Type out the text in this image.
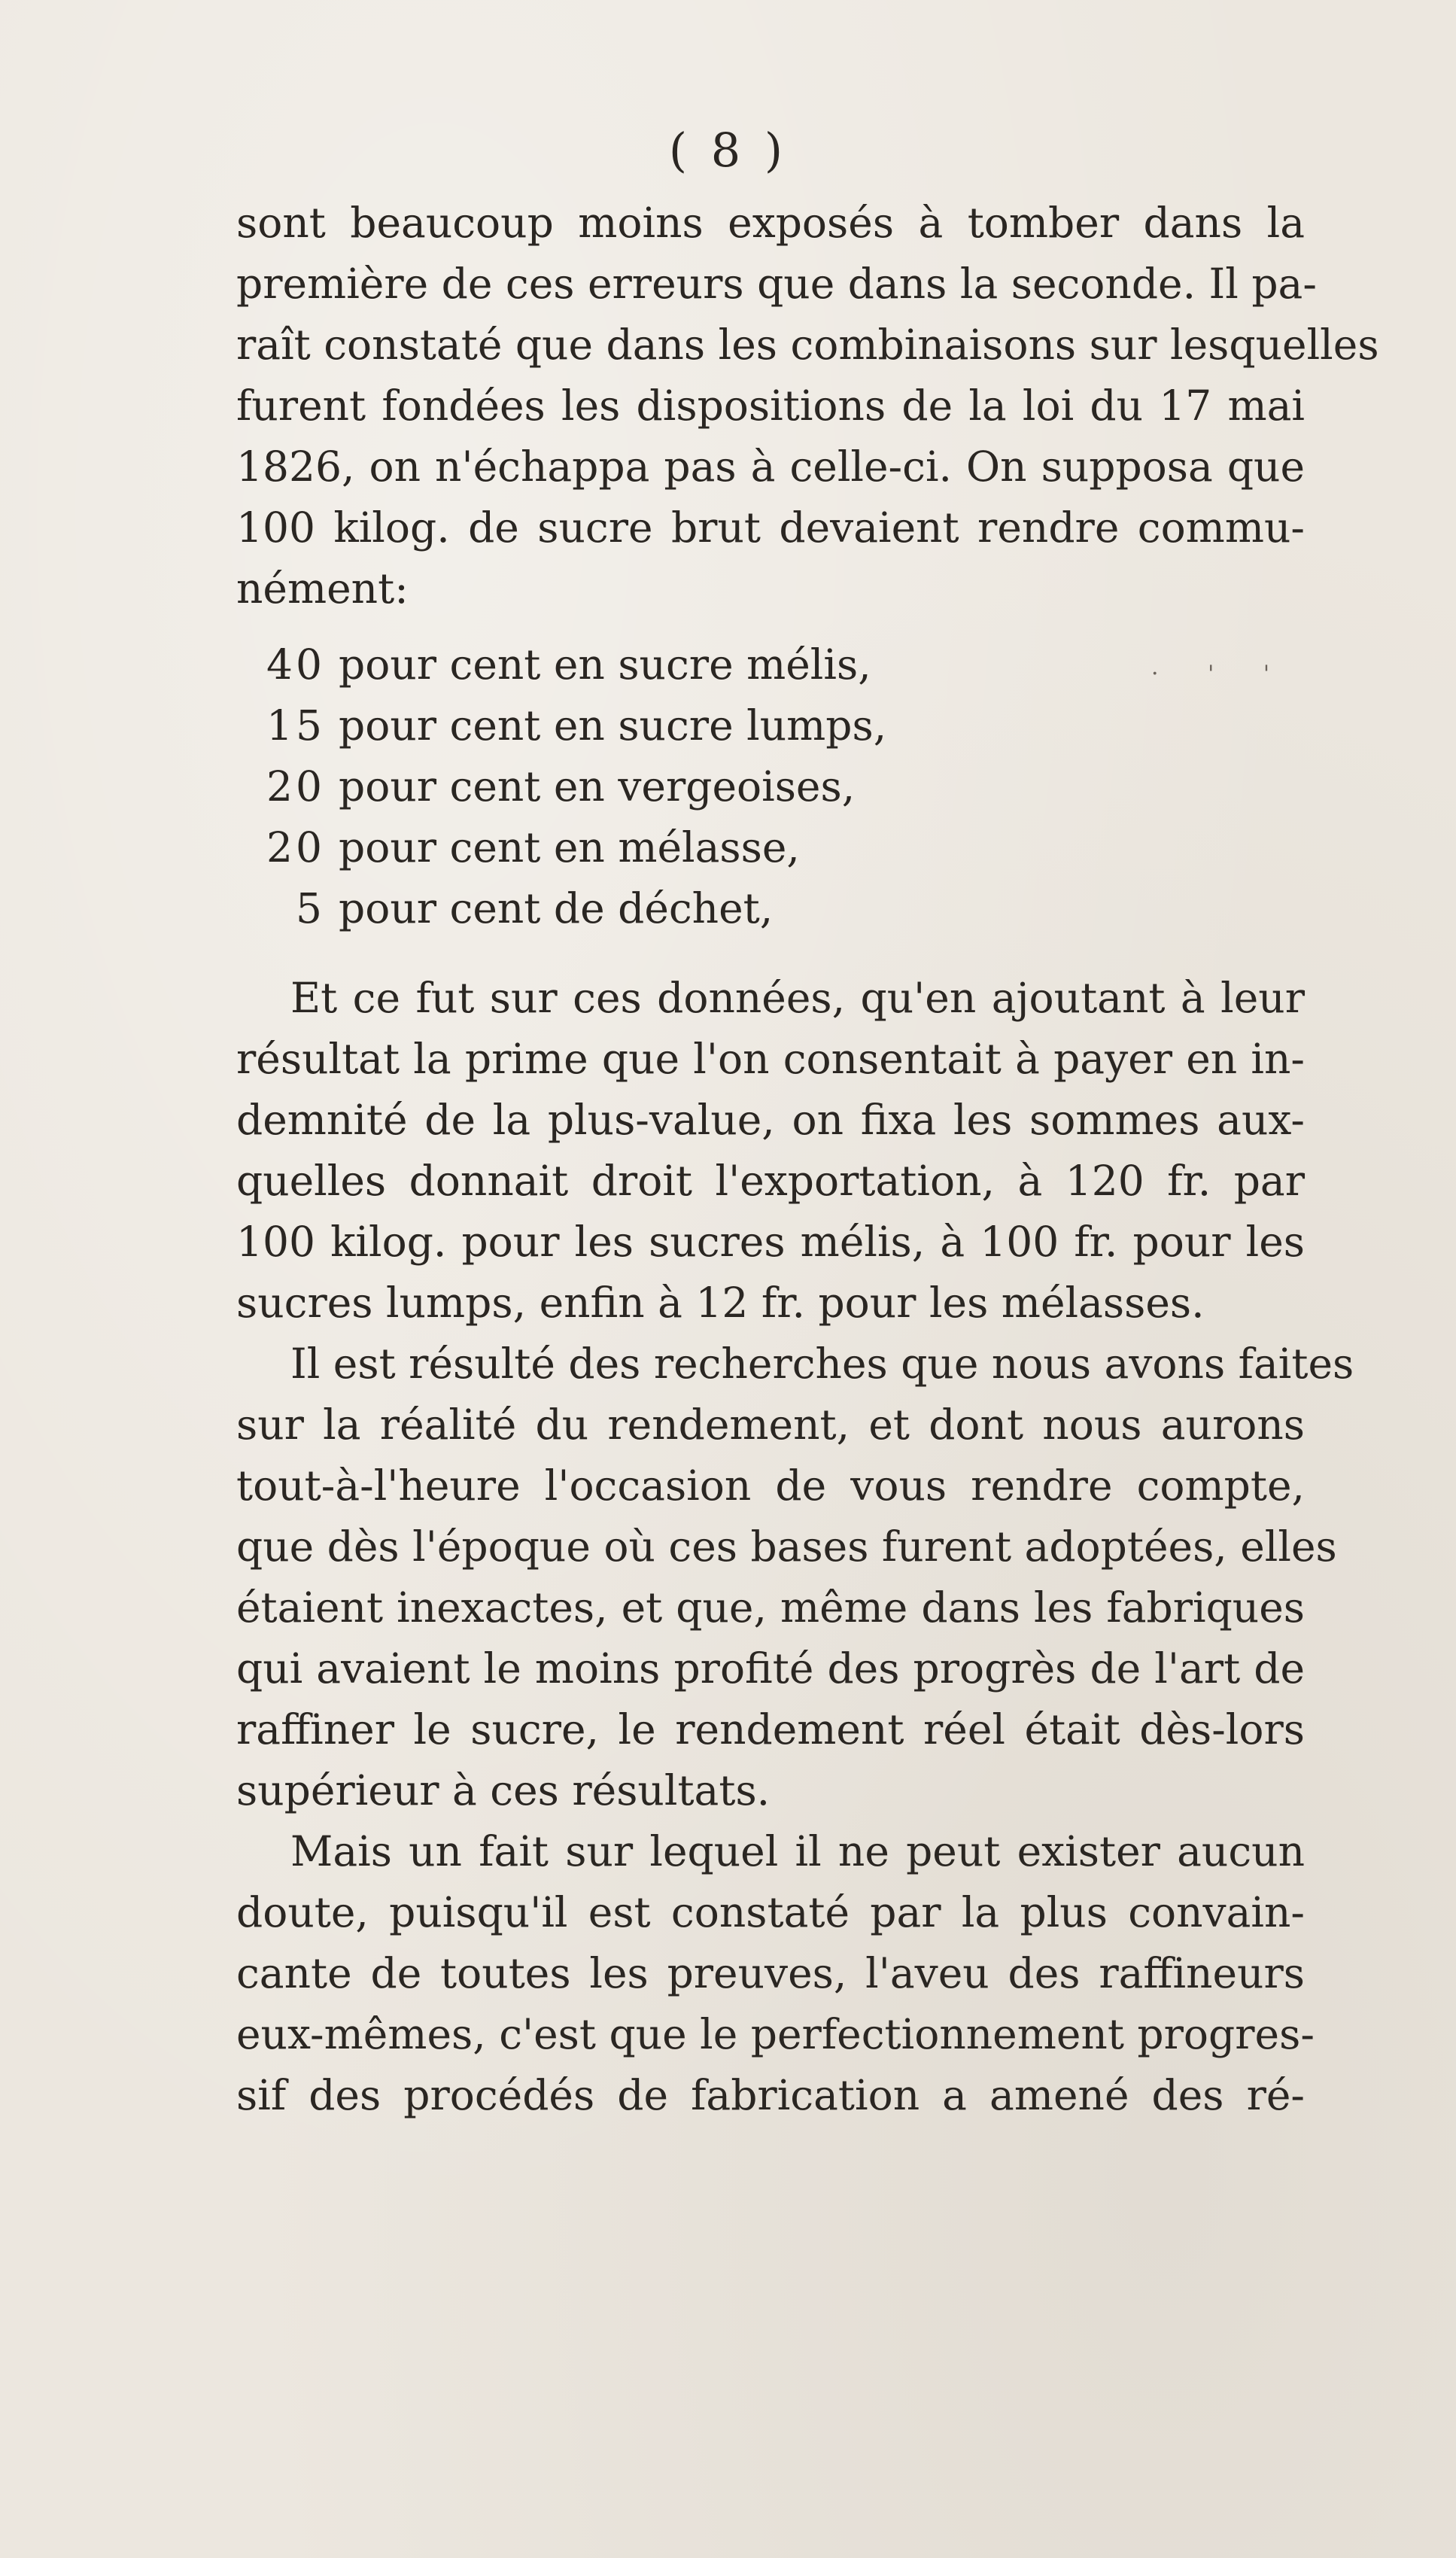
( 8 )
· ' '
sont beaucoup moins exposés à tomber dans la
première de ces erreurs que dans la seconde. Il pa-
raît constaté que dans les combinaisons sur lesquelles
furent fondées les dispositions de la loi du 17 mai
1826, on n'échappa pas à celle-ci. On supposa que
100 kilog. de sucre brut devaient rendre commu-
nément:
40 pour cent en sucre mélis,
15 pour cent en sucre lumps,
20 pour cent en vergeoises,
20 pour cent en mélasse,
5 pour cent de déchet,
Et ce fut sur ces données, qu'en ajoutant à leur
résultat la prime que l'on consentait à payer en in-
demnité de la plus-value, on fixa les sommes aux-
quelles donnait droit l'exportation, à 120 fr. par
100 kilog. pour les sucres mélis, à 100 fr. pour les
sucres lumps, enfin à 12 fr. pour les mélasses.
Il est résulté des recherches que nous avons faites
sur la réalité du rendement, et dont nous aurons
tout-à-l'heure l'occasion de vous rendre compte,
que dès l'époque où ces bases furent adoptées, elles
étaient inexactes, et que, même dans les fabriques
qui avaient le moins profité des progrès de l'art de
raffiner le sucre, le rendement réel était dès-lors
supérieur à ces résultats.
Mais un fait sur lequel il ne peut exister aucun
doute, puisqu'il est constaté par la plus convain-
cante de toutes les preuves, l'aveu des raffineurs
eux-mêmes, c'est que le perfectionnement progres-
sif des procédés de fabrication a amené des ré-
